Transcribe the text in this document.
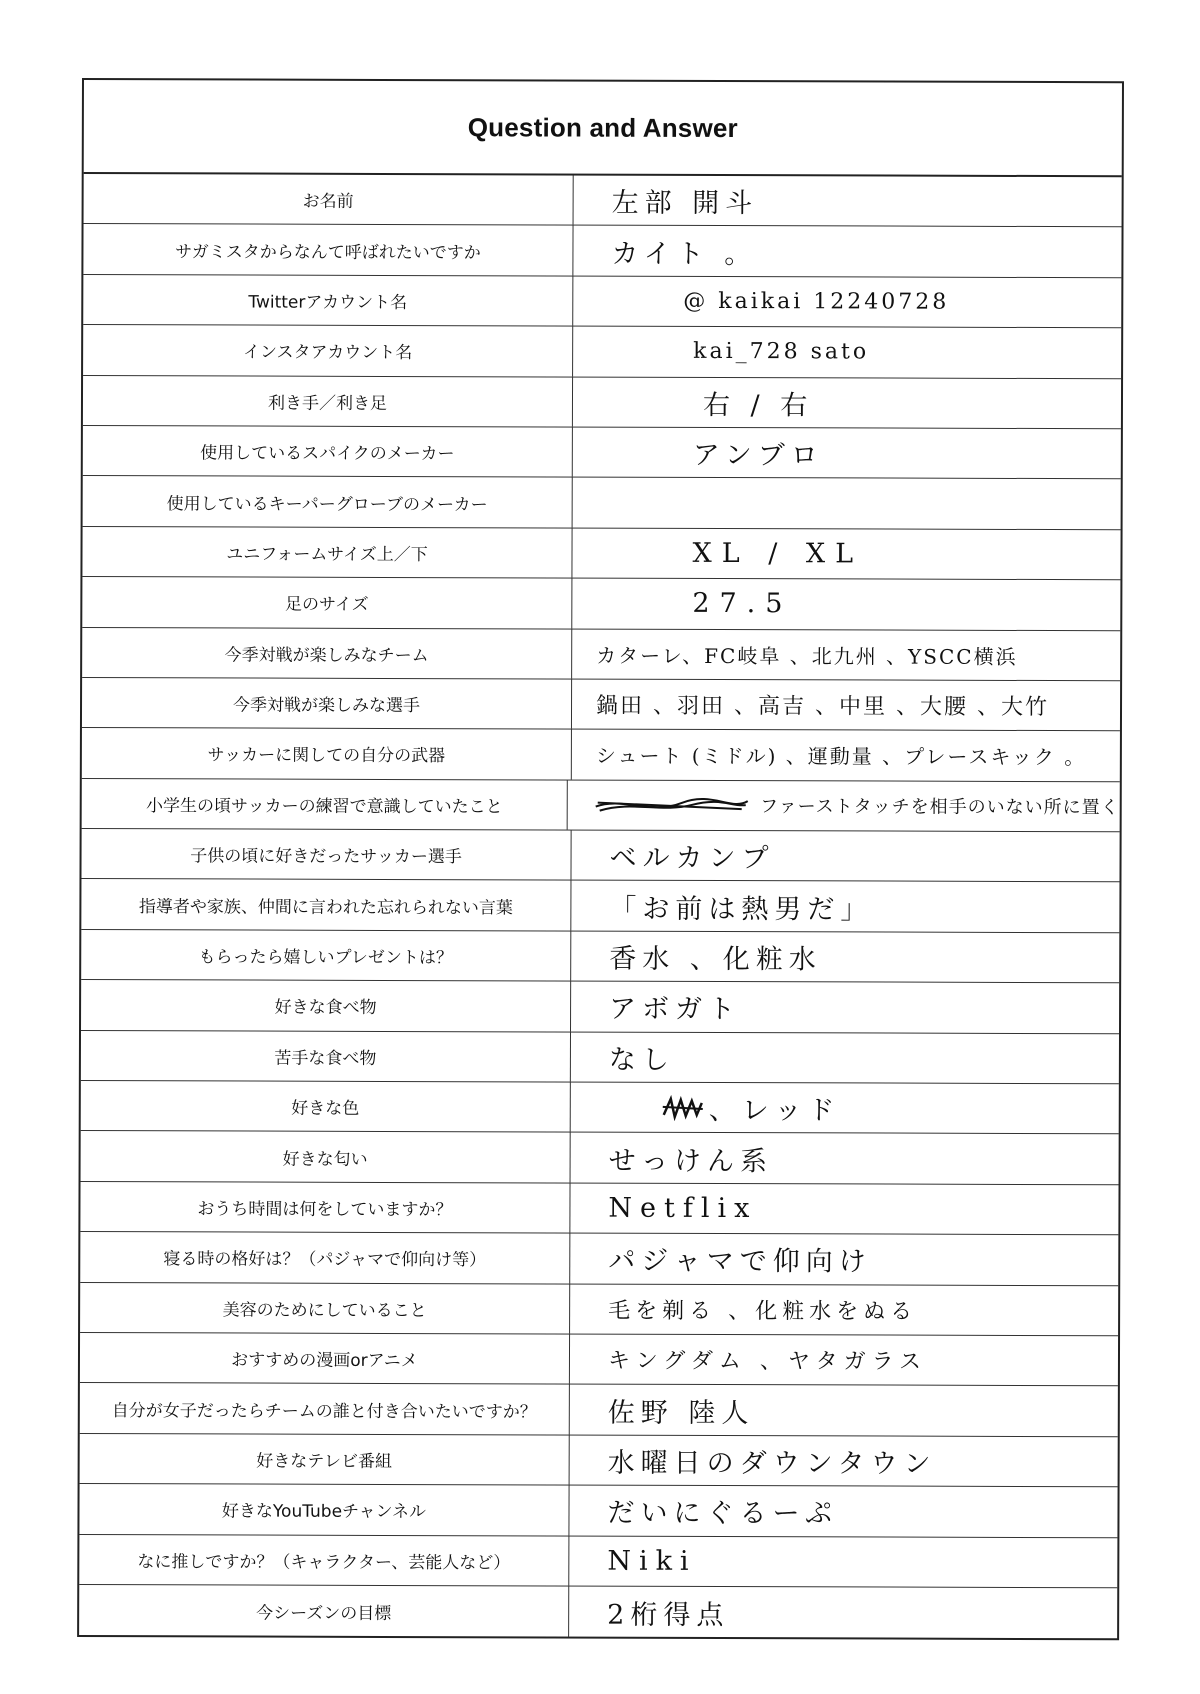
Question and Answer
お名前	左部 開斗
サガミスタからなんて呼ばれたいですか	カイト 。
Twitterアカウント名	@ kaikai 12240728
インスタアカウント名	kai_728 sato
利き手／利き足	右 / 右
使用しているスパイクのメーカー	アンブロ
使用しているキーパーグローブのメーカー
ユニフォームサイズ上／下	XL / XL
足のサイズ	27.5
今季対戦が楽しみなチーム	カターレ、FC岐阜 、北九州 、YSCC横浜
今季対戦が楽しみな選手	鍋田 、羽田 、高吉 、中里 、大腰 、大竹
サッカーに関しての自分の武器	シュート (ミドル) 、運動量 、プレースキック 。
小学生の頃サッカーの練習で意識していたこと	ファーストタッチを相手のいない所に置く
子供の頃に好きだったサッカー選手	ベルカンプ
指導者や家族、仲間に言われた忘れられない言葉	「お前は熱男だ」
もらったら嬉しいプレゼントは？	香水 、化粧水
好きな食べ物	アボガト
苦手な食べ物	なし
好きな色	、レッド
好きな匂い	せっけん系
おうち時間は何をしていますか？	Netflix
寝る時の格好は？（パジャマで仰向け等）	パジャマで仰向け
美容のためにしていること	毛を剃る 、化粧水をぬる
おすすめの漫画orアニメ	キングダム 、ヤタガラス
自分が女子だったらチームの誰と付き合いたいですか？	佐野 陸人
好きなテレビ番組	水曜日のダウンタウン
好きなYouTubeチャンネル	だいにぐるーぷ
なに推しですか？（キャラクター、芸能人など）	Niki
今シーズンの目標	2桁得点
